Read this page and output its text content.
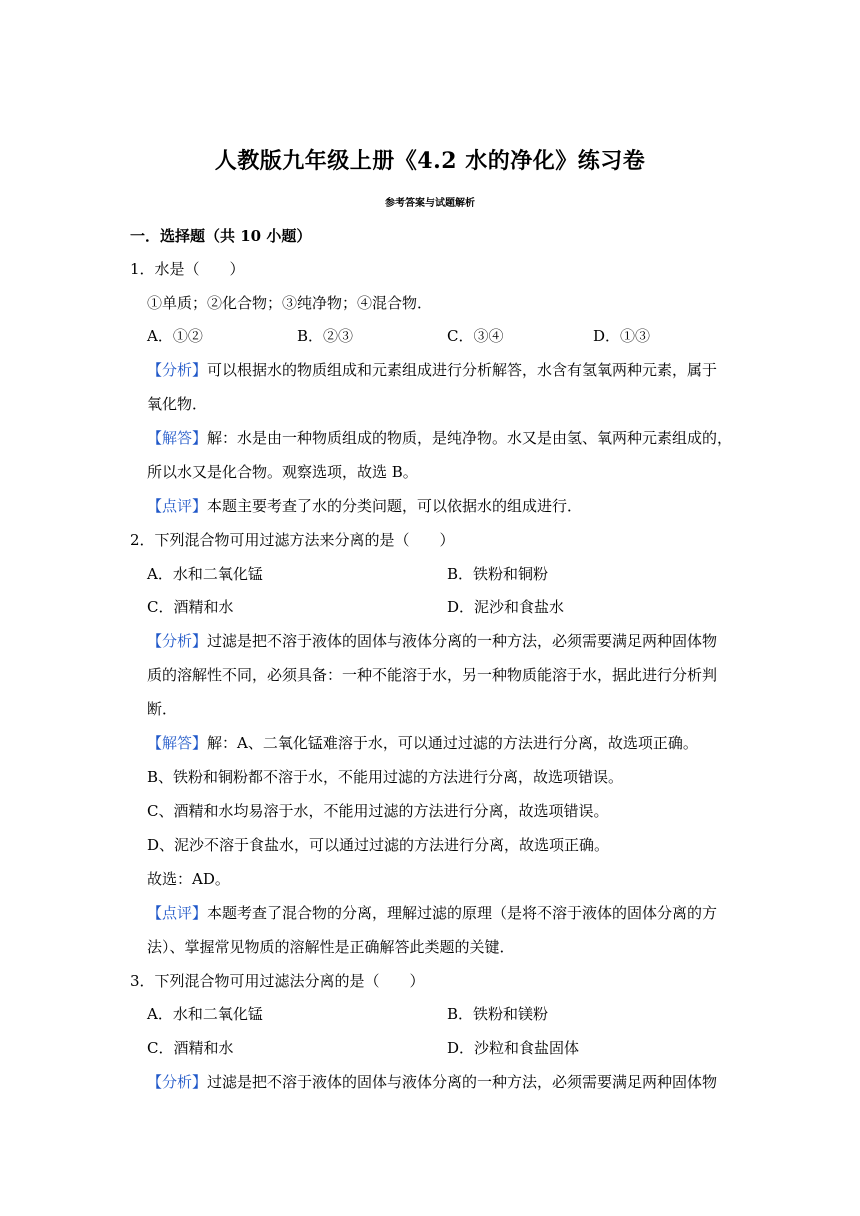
人教版九年级上册《4.2 水的净化》练习卷
参考答案与试题解析
一．选择题（共 10 小题）
1．水是（　　）
①单质；②化合物；③纯净物；④混合物．
A．①②	B．②③	C．③④	D．①③
【分析】可以根据水的物质组成和元素组成进行分析解答，水含有氢氧两种元素，属于
氧化物．
【解答】解：水是由一种物质组成的物质，是纯净物。水又是由氢、氧两种元素组成的，
所以水又是化合物。观察选项，故选 B。
【点评】本题主要考查了水的分类问题，可以依据水的组成进行．
2．下列混合物可用过滤方法来分离的是（　　）
A．水和二氧化锰	B．铁粉和铜粉
C．酒精和水	D．泥沙和食盐水
【分析】过滤是把不溶于液体的固体与液体分离的一种方法，必须需要满足两种固体物
质的溶解性不同，必须具备：一种不能溶于水，另一种物质能溶于水，据此进行分析判
断．
【解答】解：A、二氧化锰难溶于水，可以通过过滤的方法进行分离，故选项正确。
B、铁粉和铜粉都不溶于水，不能用过滤的方法进行分离，故选项错误。
C、酒精和水均易溶于水，不能用过滤的方法进行分离，故选项错误。
D、泥沙不溶于食盐水，可以通过过滤的方法进行分离，故选项正确。
故选：AD。
【点评】本题考查了混合物的分离，理解过滤的原理（是将不溶于液体的固体分离的方
法）、掌握常见物质的溶解性是正确解答此类题的关键．
3．下列混合物可用过滤法分离的是（　　）
A．水和二氧化锰	B．铁粉和镁粉
C．酒精和水	D．沙粒和食盐固体
【分析】过滤是把不溶于液体的固体与液体分离的一种方法，必须需要满足两种固体物
